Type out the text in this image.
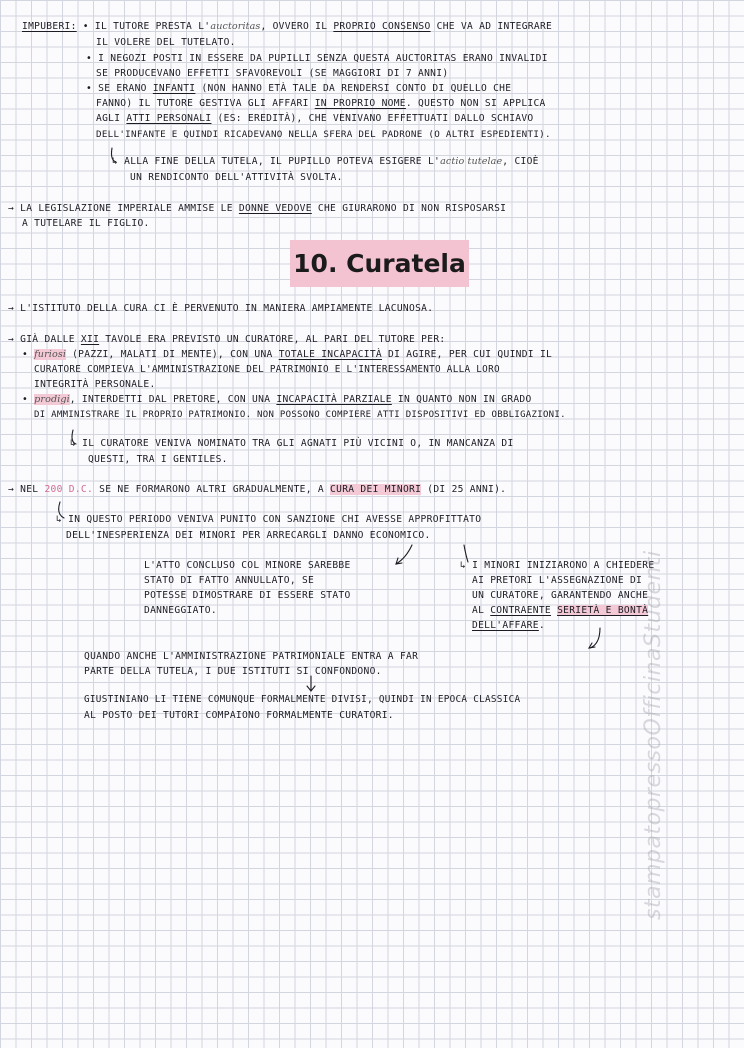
IMPUBERI: • IL TUTORE PRESTA L'auctoritas, OVVERO IL PROPRIO CONSENSO CHE VA AD INTEGRARE
IL VOLERE DEL TUTELATO.
• I NEGOZI POSTI IN ESSERE DA PUPILLI SENZA QUESTA AUCTORITAS ERANO INVALIDI
SE PRODUCEVANO EFFETTI SFAVOREVOLI (SE MAGGIORI DI 7 ANNI)
• SE ERANO INFANTI (NON HANNO ETÀ TALE DA RENDERSI CONTO DI QUELLO CHE
FANNO) IL TUTORE GESTIVA GLI AFFARI IN PROPRIO NOME. QUESTO NON SI APPLICA
AGLI ATTI PERSONALI (ES: EREDITÀ), CHE VENIVANO EFFETTUATI DALLO SCHIAVO
DELL'INFANTE E QUINDI RICADEVANO NELLA SFERA DEL PADRONE (O ALTRI ESPEDIENTI).
↳ ALLA FINE DELLA TUTELA, IL PUPILLO POTEVA ESIGERE L'actio tutelae, CIOÈ
UN RENDICONTO DELL'ATTIVITÀ SVOLTA.
→ LA LEGISLAZIONE IMPERIALE AMMISE LE DONNE VEDOVE CHE GIURARONO DI NON RISPOSARSI
A TUTELARE IL FIGLIO.
10. Curatela
→ L'ISTITUTO DELLA CURA CI È PERVENUTO IN MANIERA AMPIAMENTE LACUNOSA.
→ GIÀ DALLE XII TAVOLE ERA PREVISTO UN CURATORE, AL PARI DEL TUTORE PER:
• furiosi (PAZZI, MALATI DI MENTE), CON UNA TOTALE INCAPACITÀ DI AGIRE, PER CUI QUINDI IL
CURATORE COMPIEVA L'AMMINISTRAZIONE DEL PATRIMONIO E L'INTERESSAMENTO ALLA LORO
INTEGRITÀ PERSONALE.
• prodigi, INTERDETTI DAL PRETORE, CON UNA INCAPACITÀ PARZIALE IN QUANTO NON IN GRADO
DI AMMINISTRARE IL PROPRIO PATRIMONIO. NON POSSONO COMPIERE ATTI DISPOSITIVI ED OBBLIGAZIONI.
↳ IL CURATORE VENIVA NOMINATO TRA GLI AGNATI PIÙ VICINI O, IN MANCANZA DI
QUESTI, TRA I GENTILES.
→ NEL 200 D.C. SE NE FORMARONO ALTRI GRADUALMENTE, A CURA DEI MINORI (DI 25 ANNI).
↳ IN QUESTO PERIODO VENIVA PUNITO CON SANZIONE CHI AVESSE APPROFITTATO
DELL'INESPERIENZA DEI MINORI PER ARRECARGLI DANNO ECONOMICO.
L'ATTO CONCLUSO COL MINORE SAREBBE
STATO DI FATTO ANNULLATO, SE
POTESSE DIMOSTRARE DI ESSERE STATO
DANNEGGIATO.
↳ I MINORI INIZIARONO A CHIEDERE
AI PRETORI L'ASSEGNAZIONE DI
UN CURATORE, GARANTENDO ANCHE
AL CONTRAENTE SERIETÀ E BONTÀ
DELL'AFFARE.
QUANDO ANCHE L'AMMINISTRAZIONE PATRIMONIALE ENTRA A FAR
PARTE DELLA TUTELA, I DUE ISTITUTI SI CONFONDONO.
GIUSTINIANO LI TIENE COMUNQUE FORMALMENTE DIVISI, QUINDI IN EPOCA CLASSICA
AL POSTO DEI TUTORI COMPAIONO FORMALMENTE CURATORI.	stampatopressoOfficinaStudenti
